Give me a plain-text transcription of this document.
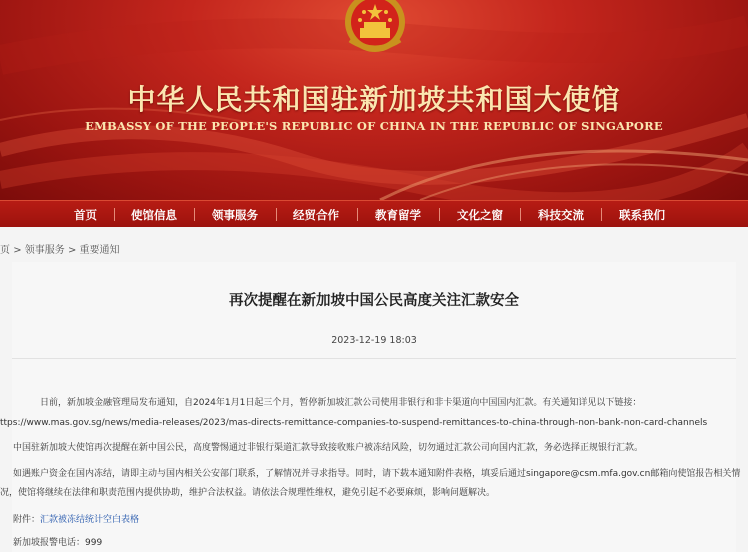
中华人民共和国驻新加坡共和国大使馆
EMBASSY OF THE PEOPLE'S REPUBLIC OF CHINA IN THE REPUBLIC OF SINGAPORE
首页	使馆信息	领事服务	经贸合作	教育留学	文化之窗	科技交流	联系我们
页 > 领事服务 > 重要通知
再次提醒在新加坡中国公民高度关注汇款安全
2023-12-19 18:03
日前，新加坡金融管理局发布通知，自2024年1月1日起三个月，暂停新加坡汇款公司使用非银行和非卡渠道向中国国内汇款。有关通知详见以下链接：
ttps://www.mas.gov.sg/news/media-releases/2023/mas-directs-remittance-companies-to-suspend-remittances-to-china-through-non-bank-non-card-channels
中国驻新加坡大使馆再次提醒在新中国公民，高度警惕通过非银行渠道汇款导致接收账户被冻结风险，切勿通过汇款公司向国内汇款，务必选择正规银行汇款。
如遇账户资金在国内冻结，请即主动与国内相关公安部门联系，了解情况并寻求指导。同时，请下载本通知附件表格，填妥后通过singapore@csm.mfa.gov.cn邮箱向使馆报告相关情
况，使馆将继续在法律和职责范围内提供协助，维护合法权益。请依法合规理性维权，避免引起不必要麻烦，影响问题解决。
附件：汇款被冻结统计空白表格
新加坡报警电话：999
